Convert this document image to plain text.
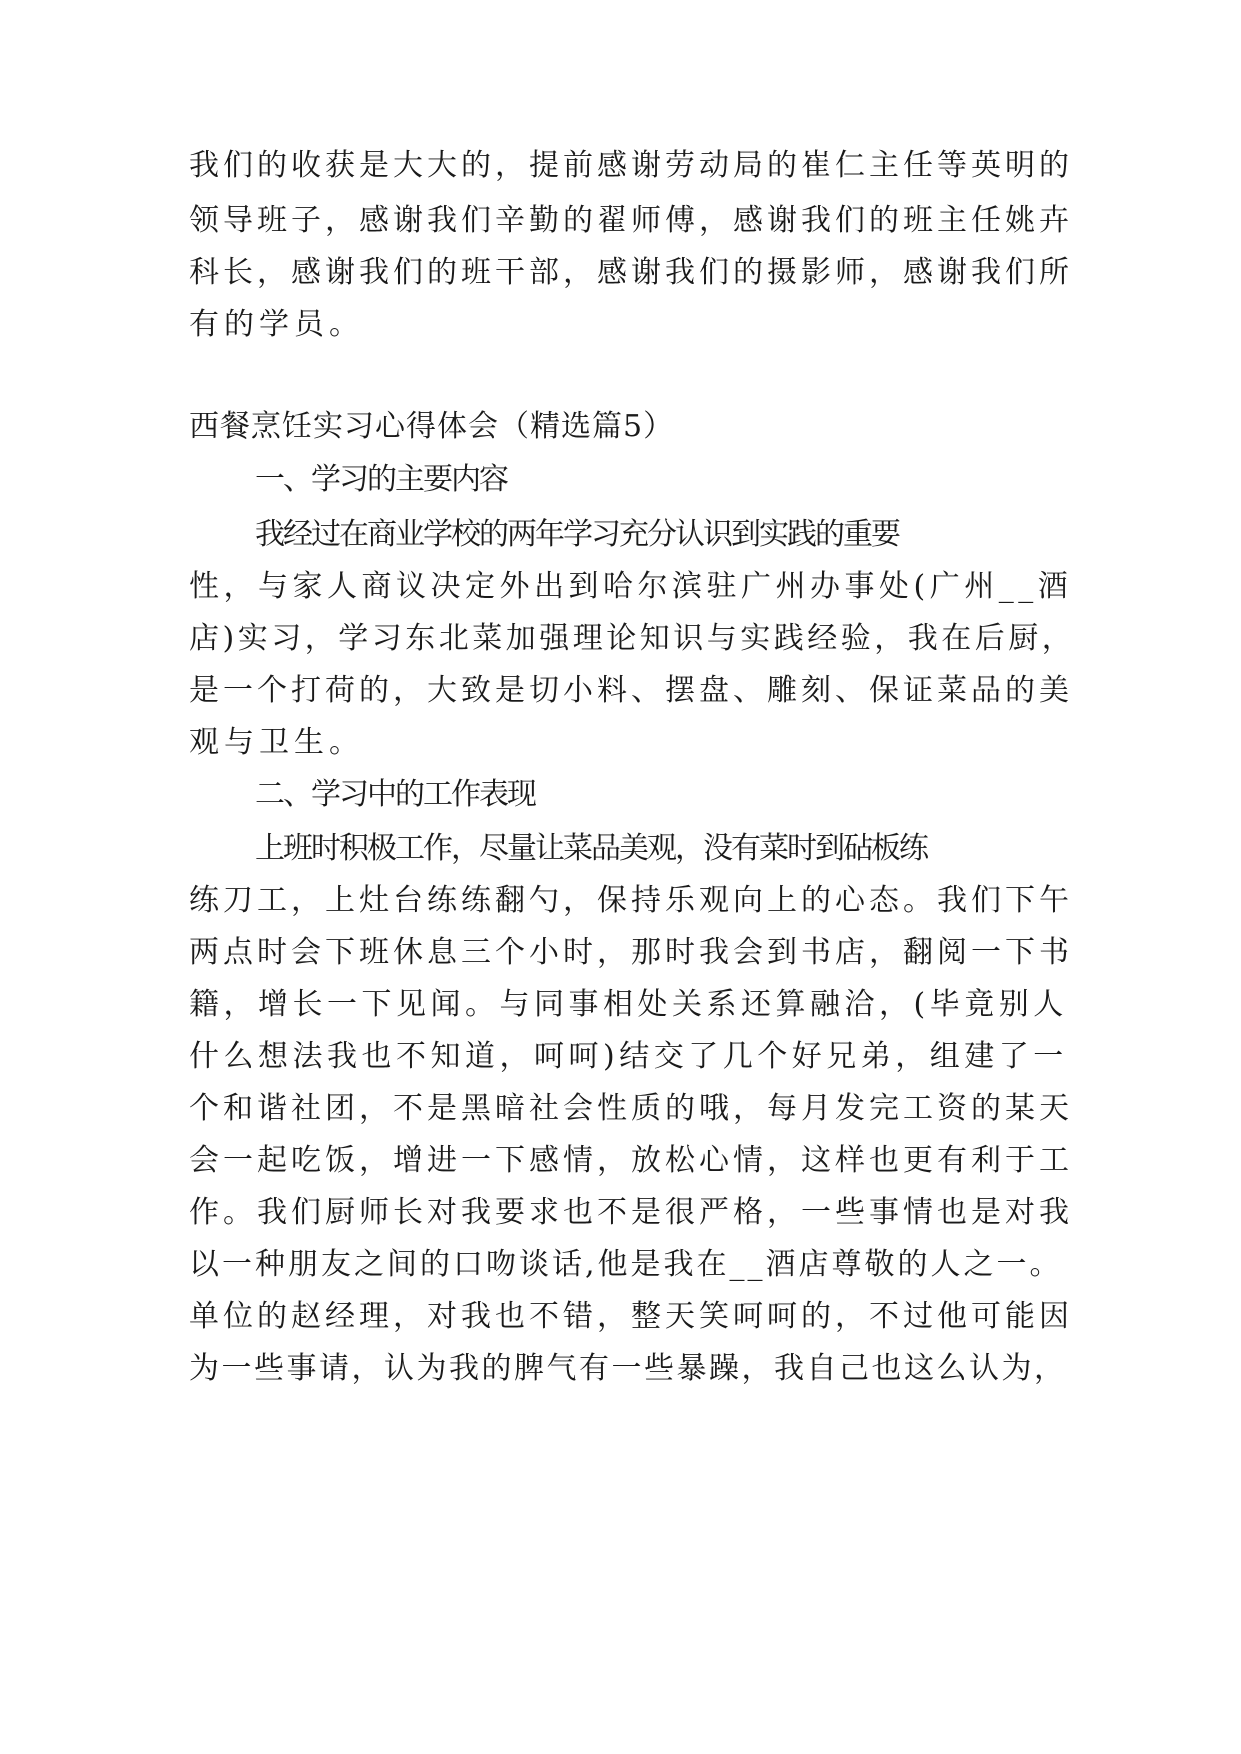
我们的收获是大大的，提前感谢劳动局的崔仁主任等英明的
领导班子，感谢我们辛勤的翟师傅，感谢我们的班主任姚卉
科长，感谢我们的班干部，感谢我们的摄影师，感谢我们所
有的学员。
西餐烹饪实习心得体会（精选篇5）
一、学习的主要内容
我经过在商业学校的两年学习充分认识到实践的重要
性，与家人商议决定外出到哈尔滨驻广州办事处(广州__酒
店)实习，学习东北菜加强理论知识与实践经验，我在后厨，
是一个打荷的，大致是切小料、摆盘、雕刻、保证菜品的美
观与卫生。
二、学习中的工作表现
上班时积极工作，尽量让菜品美观，没有菜时到砧板练
练刀工，上灶台练练翻勺，保持乐观向上的心态。我们下午
两点时会下班休息三个小时，那时我会到书店，翻阅一下书
籍，增长一下见闻。与同事相处关系还算融洽，(毕竟别人
什么想法我也不知道，呵呵)结交了几个好兄弟，组建了一
个和谐社团，不是黑暗社会性质的哦，每月发完工资的某天
会一起吃饭，增进一下感情，放松心情，这样也更有利于工
作。我们厨师长对我要求也不是很严格，一些事情也是对我
以一种朋友之间的口吻谈话,他是我在__酒店尊敬的人之一。
单位的赵经理，对我也不错，整天笑呵呵的，不过他可能因
为一些事请，认为我的脾气有一些暴躁，我自己也这么认为，
